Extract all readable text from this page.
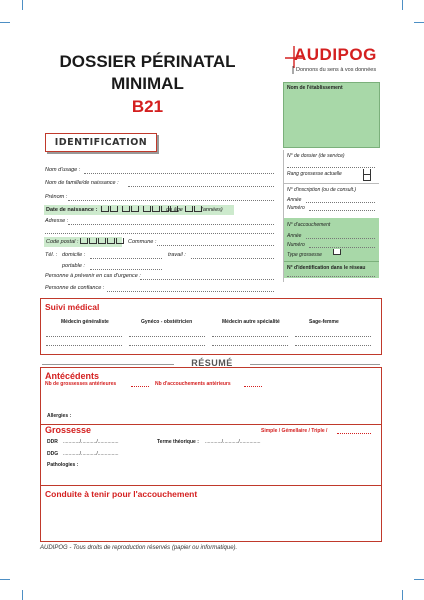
DOSSIER PÉRINATAL
MINIMAL
B21
AUDIPOG
Donnons du sens à vos données
Nom de l'établissement
IDENTIFICATION
Nom d'usage :
Nom de famille/de naissance :
Prénom :
Date de naissance :	ou âge	(années)
Adresse :
Code postal :	Commune :
Tél. : domicile :	travail :
portable :
Personne à prévenir en cas d'urgence :
Personne de confiance :
N° de dossier (de service)
Rang grossesse actuelle
N° d'inscription (ou de consult.)
Année
Numéro
N° d'accouchement
Année
Numéro
Type grossesse
N° d'identification dans le réseau
Suivi médical
Médecin généraliste	Gynéco - obstétricien	Médecin autre spécialité	Sage-femme
RÉSUMÉ
Antécédents
Nb de grossesses antérieures	Nb d'accouchements antérieurs
Allergies :
Grossesse	Simple / Gémellaire / Triple /
DDR ............/.........../...............	Terme théorique : ............/.........../...............
DDG ............/.........../...............
Pathologies :
Conduite à tenir pour l'accouchement
AUDIPOG - Tous droits de reproduction réservés (papier ou informatique).
